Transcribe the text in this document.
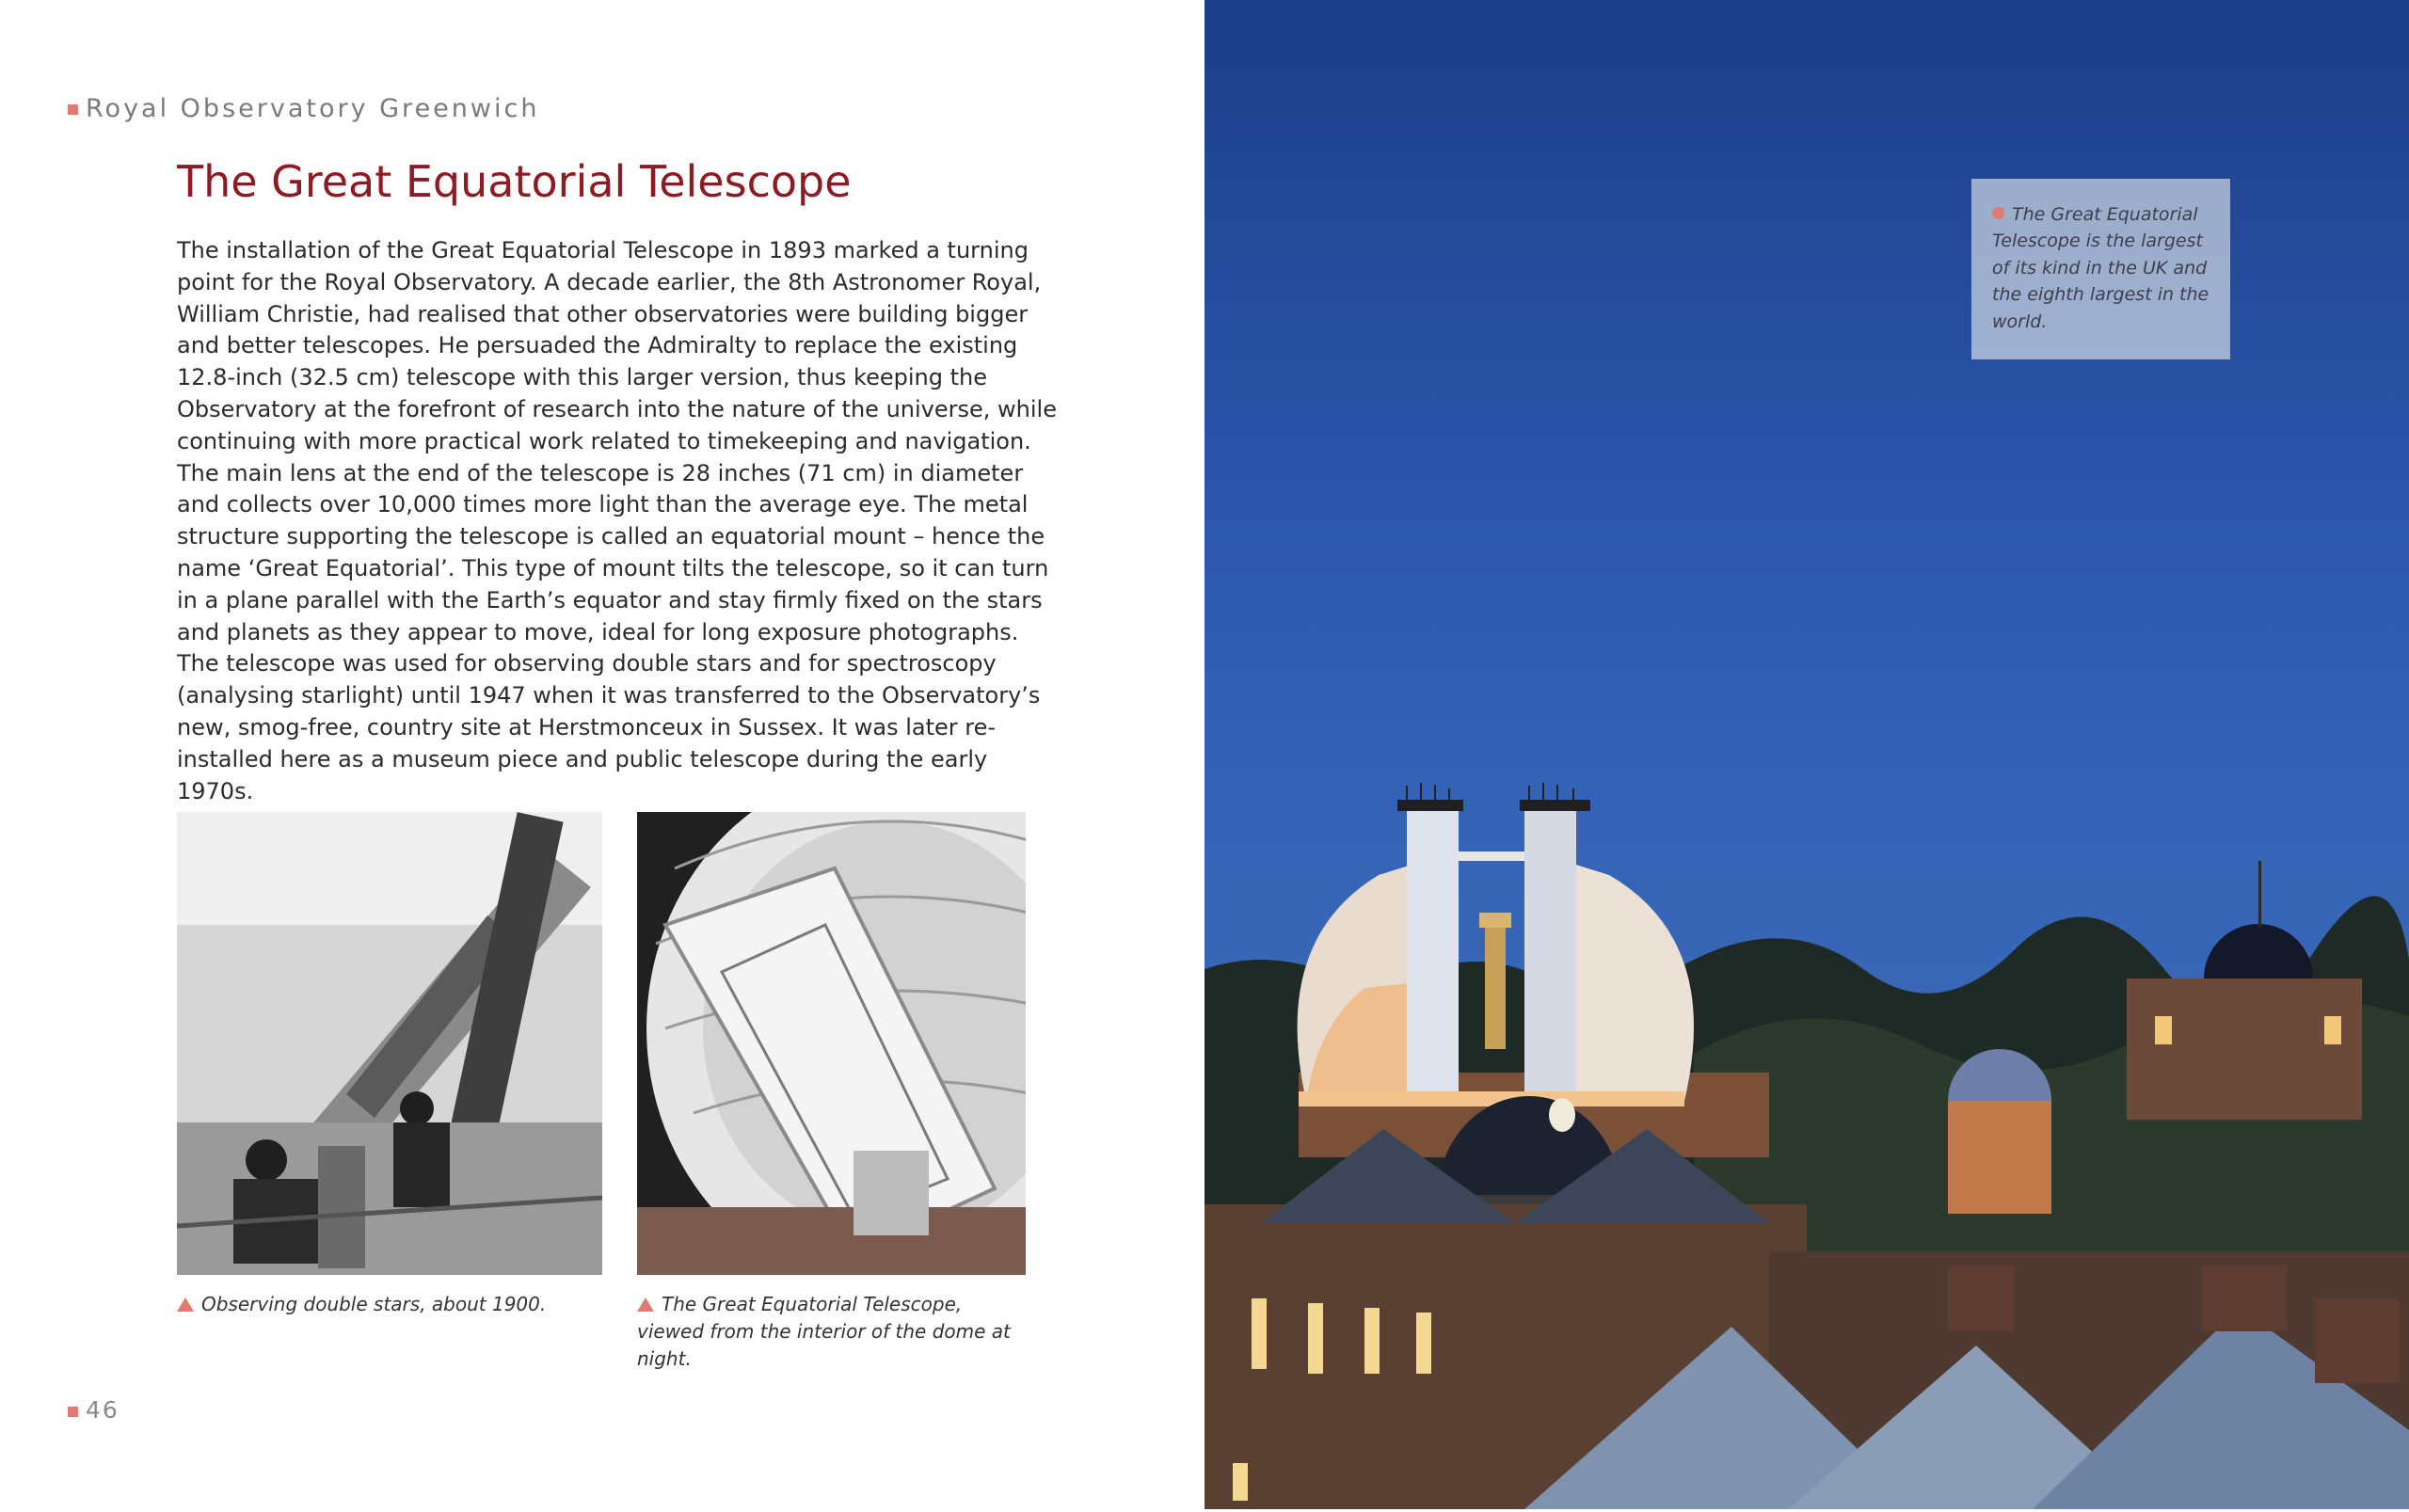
Royal Observatory Greenwich
The Great Equatorial Telescope

The installation of the Great Equatorial Telescope in 1893 marked a turning point for the Royal Observatory. A decade earlier, the 8th Astronomer Royal, William Christie, had realised that other observatories were building bigger and better telescopes. He persuaded the Admiralty to replace the existing 12.8-inch (32.5 cm) telescope with this larger version, thus keeping the Observatory at the forefront of research into the nature of the universe, while continuing with more practical work related to timekeeping and navigation. The main lens at the end of the telescope is 28 inches (71 cm) in diameter and collects over 10,000 times more light than the average eye. The metal structure supporting the telescope is called an equatorial mount – hence the name ‘Great Equatorial’. This type of mount tilts the telescope, so it can turn in a plane parallel with the Earth’s equator and stay firmly fixed on the stars and planets as they appear to move, ideal for long exposure photographs. The telescope was used for observing double stars and for spectroscopy (analysing starlight) until 1947 when it was transferred to the Observatory’s new, smog-free, country site at Herstmonceux in Sussex. It was later re-installed here as a museum piece and public telescope during the early 1970s.

Observing double stars, about 1900.	The Great Equatorial Telescope, viewed from the interior of the dome at night.

46
The Great Equatorial Telescope is the largest of its kind in the UK and the eighth largest in the world.
